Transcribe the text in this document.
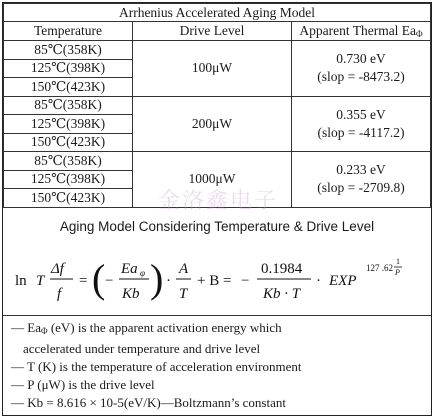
Arrhenius Accelerated Aging Model		
Temperature	Drive Level	Apparent Thermal $Ea_\Phi$
85℃(358K)	100μW	0.730 eV
(slop = -8473.2)

125℃(398K)		
150℃(423K)		
85℃(358K)	200μW	0.355 eV
(slop = -4117.2)

125℃(398K)		
150℃(423K)		
85℃(358K)	1000μW	0.233 eV
(slop = -2709.8)

125℃(398K)		
150℃(423K)		
Aging Model Considering Temperature & Drive Level
ln T
Δf
f
= ( −
Ea φ
Kb ) ·
A
T
+ B = −
0.1984
Kb · T
· EXP
127 .62
1
P
— $Ea_\Phi$ (eV) is the apparent activation energy which
accelerated under temperature and drive level
— T (K) is the temperature of acceleration environment
— P (μW) is the drive level
— Kb = 8.616 × 10-5(eV/K)—Boltzmann’s constant
金洛鑫电子
